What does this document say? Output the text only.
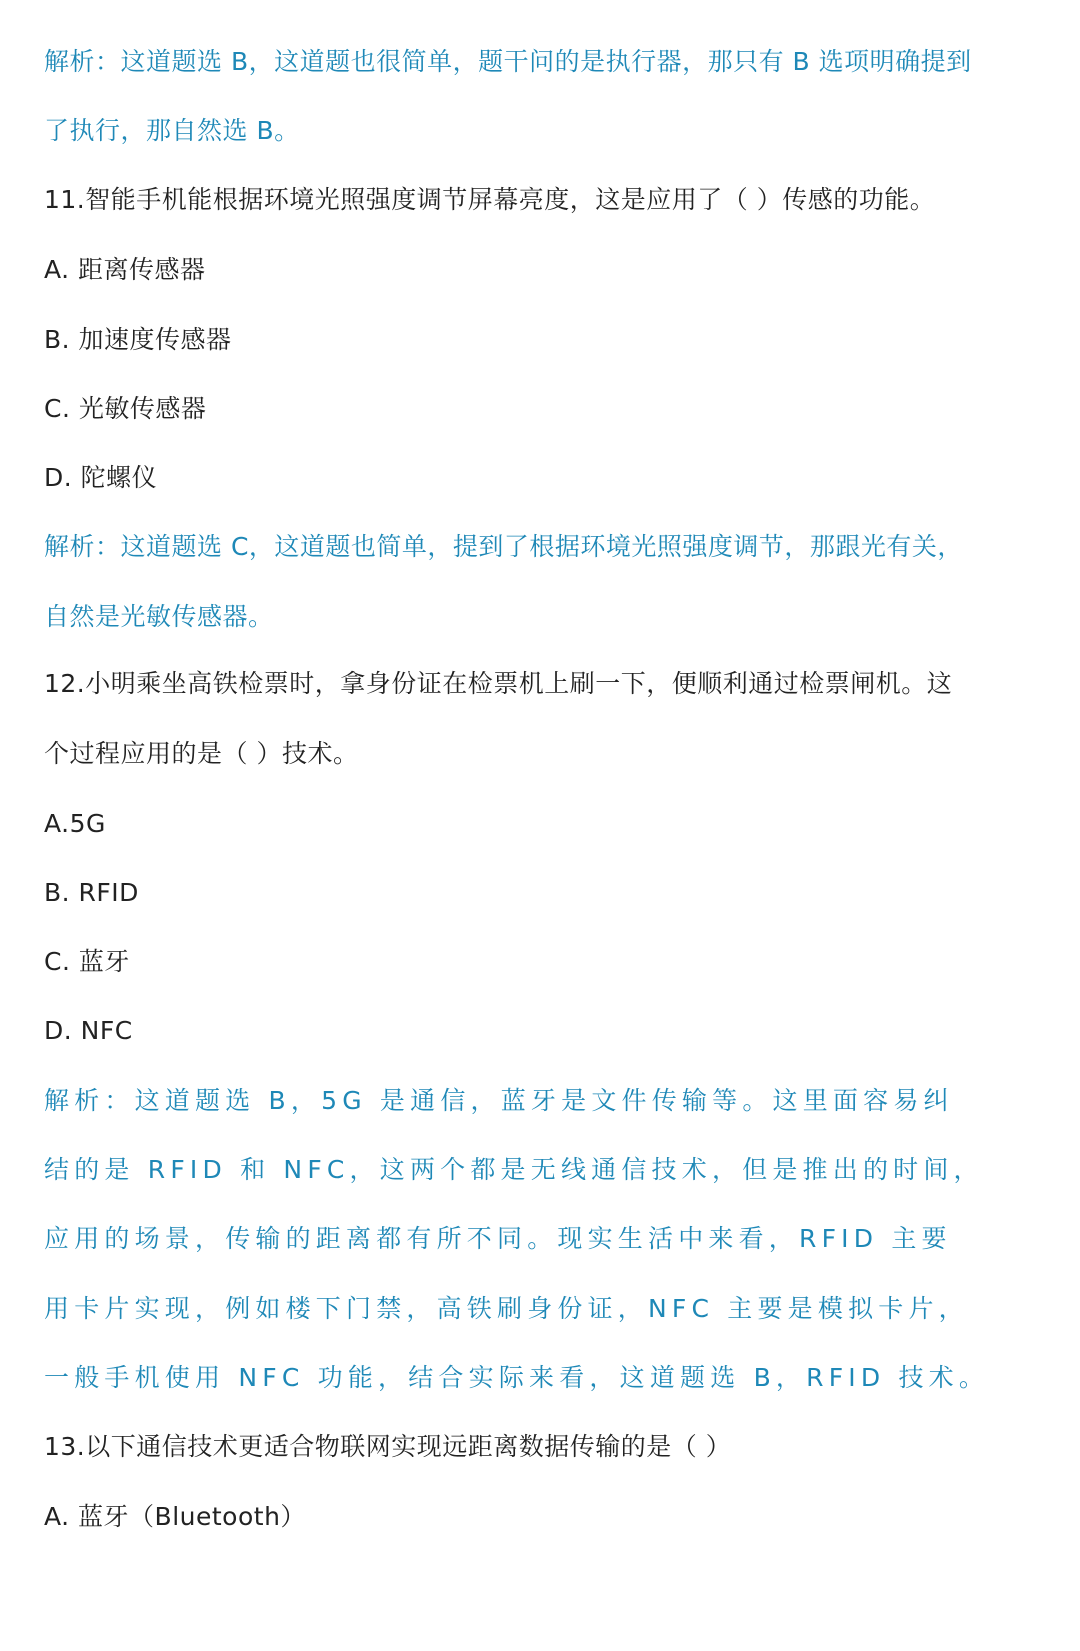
解析：这道题选 B，这道题也很简单，题干问的是执行器，那只有 B 选项明确提到
了执行，那自然选 B。
11.智能手机能根据环境光照强度调节屏幕亮度，这是应用了（ ）传感的功能。
A. 距离传感器
B. 加速度传感器
C. 光敏传感器
D. 陀螺仪
解析：这道题选 C，这道题也简单，提到了根据环境光照强度调节，那跟光有关，
自然是光敏传感器。
12.小明乘坐高铁检票时，拿身份证在检票机上刷一下，便顺利通过检票闸机。这
个过程应用的是（ ）技术。
A.5G
B. RFID
C. 蓝牙
D. NFC
解析：这道题选 B，5G 是通信，蓝牙是文件传输等。这里面容易纠
结的是 RFID 和 NFC，这两个都是无线通信技术，但是推出的时间，
应用的场景，传输的距离都有所不同。现实生活中来看，RFID 主要
用卡片实现，例如楼下门禁，高铁刷身份证，NFC 主要是模拟卡片，
一般手机使用 NFC 功能，结合实际来看，这道题选 B，RFID 技术。
13.以下通信技术更适合物联网实现远距离数据传输的是（ ）
A. 蓝牙（Bluetooth）
